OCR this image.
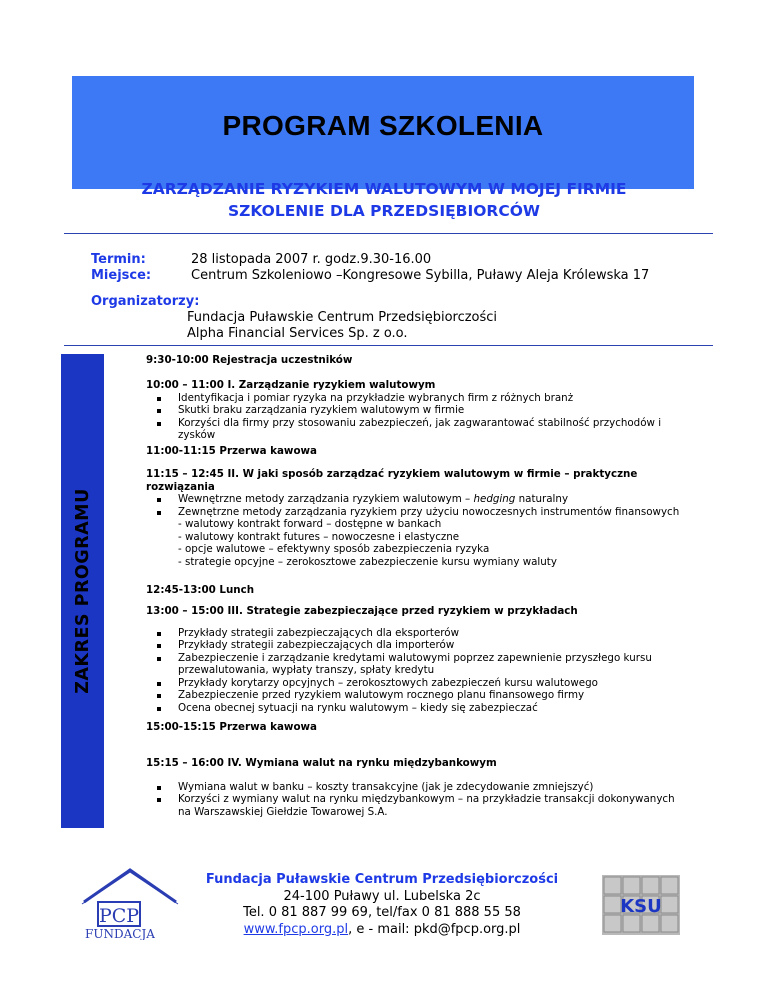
PROGRAM SZKOLENIA
ZARZĄDZANIE RYZYKIEM WALUTOWYM W MOJEJ FIRMIE
SZKOLENIE DLA PRZEDSIĘBIORCÓW
Termin:	28 listopada 2007 r. godz.9.30-16.00
Miejsce:	Centrum Szkoleniowo –Kongresowe Sybilla, Puławy Aleja Królewska 17
Organizatorzy:
Fundacja Puławskie Centrum Przedsiębiorczości
Alpha Financial Services Sp. z o.o.
ZAKRES PROGRAMU
9:30-10:00 Rejestracja uczestników
10:00 – 11:00 I. Zarządzanie ryzykiem walutowym
Identyfikacja i pomiar ryzyka na przykładzie wybranych firm z różnych branż
Skutki braku zarządzania ryzykiem walutowym w firmie
Korzyści dla firmy przy stosowaniu zabezpieczeń, jak zagwarantować stabilność przychodów i zysków
11:00-11:15 Przerwa kawowa
11:15 – 12:45 II. W jaki sposób zarządzać ryzykiem walutowym w firmie – praktyczne rozwiązania
Wewnętrzne metody zarządzania ryzykiem walutowym – hedging naturalny
Zewnętrzne metody zarządzania ryzykiem przy użyciu nowoczesnych instrumentów finansowych
- walutowy kontrakt forward – dostępne w bankach
- walutowy kontrakt futures – nowoczesne i elastyczne
- opcje walutowe – efektywny sposób zabezpieczenia ryzyka
- strategie opcyjne – zerokosztowe zabezpieczenie kursu wymiany waluty
12:45-13:00 Lunch
13:00 – 15:00 III. Strategie zabezpieczające przed ryzykiem w przykładach
Przykłady strategii zabezpieczających dla eksporterów
Przykłady strategii zabezpieczających dla importerów
Zabezpieczenie i zarządzanie kredytami walutowymi poprzez zapewnienie przyszłego kursu przewalutowania, wypłaty transzy, spłaty kredytu
Przykłady korytarzy opcyjnych – zerokosztowych zabezpieczeń kursu walutowego
Zabezpieczenie przed ryzykiem walutowym rocznego planu finansowego firmy
Ocena obecnej sytuacji na rynku walutowym – kiedy się zabezpieczać
15:00-15:15 Przerwa kawowa
15:15 – 16:00 IV. Wymiana walut na rynku międzybankowym
Wymiana walut w banku – koszty transakcyjne (jak je zdecydowanie zmniejszyć)
Korzyści z wymiany walut na rynku międzybankowym – na przykładzie transakcji dokonywanych na Warszawskiej Giełdzie Towarowej S.A.
PCP
FUNDACJA
Fundacja Puławskie Centrum Przedsiębiorczości
24-100 Puławy ul. Lubelska 2c
Tel. 0 81 887 99 69, tel/fax 0 81 888 55 58
www.fpcp.org.pl, e - mail: pkd@fpcp.org.pl
KSU
